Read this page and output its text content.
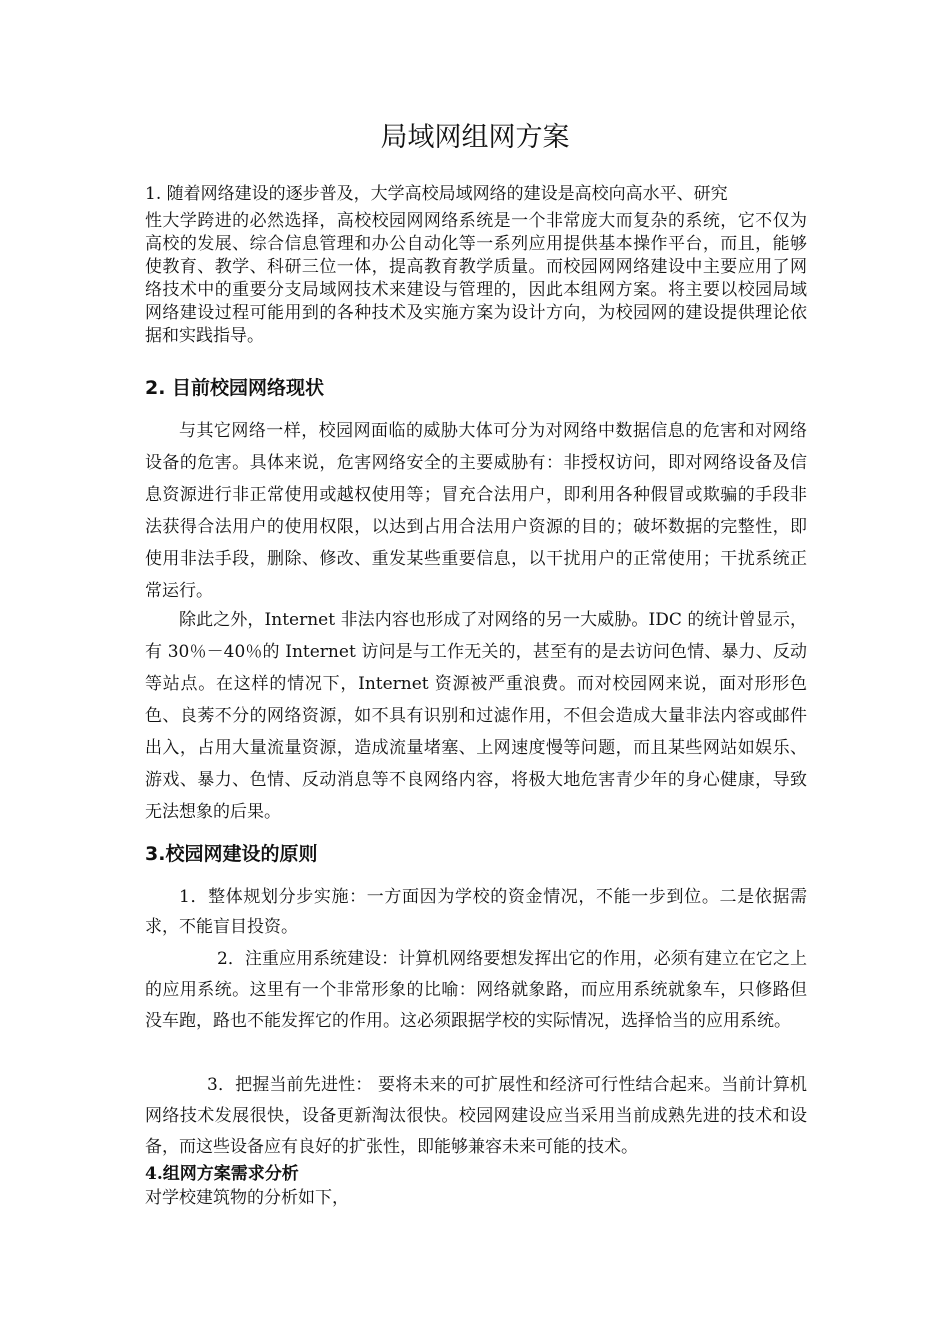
局域网组网方案

1. 随着网络建设的逐步普及，大学高校局域网络的建设是高校向高水平、研究
性大学跨进的必然选择，高校校园网网络系统是一个非常庞大而复杂的系统，它不仅为高校的发展、综合信息管理和办公自动化等一系列应用提供基本操作平台，而且，能够使教育、教学、科研三位一体，提高教育教学质量。而校园网网络建设中主要应用了网络技术中的重要分支局域网技术来建设与管理的，因此本组网方案。将主要以校园局域网络建设过程可能用到的各种技术及实施方案为设计方向，为校园网的建设提供理论依据和实践指导。

2. 目前校园网络现状

与其它网络一样，校园网面临的威胁大体可分为对网络中数据信息的危害和对网络设备的危害。具体来说，危害网络安全的主要威胁有：非授权访问，即对网络设备及信息资源进行非正常使用或越权使用等；冒充合法用户，即利用各种假冒或欺骗的手段非法获得合法用户的使用权限，以达到占用合法用户资源的目的；破坏数据的完整性，即使用非法手段，删除、修改、重发某些重要信息，以干扰用户的正常使用；干扰系统正常运行。

除此之外，Internet 非法内容也形成了对网络的另一大威胁。IDC 的统计曾显示，有 30％－40％的 Internet 访问是与工作无关的，甚至有的是去访问色情、暴力、反动等站点。在这样的情况下，Internet 资源被严重浪费。而对校园网来说，面对形形色色、良莠不分的网络资源，如不具有识别和过滤作用，不但会造成大量非法内容或邮件出入，占用大量流量资源，造成流量堵塞、上网速度慢等问题，而且某些网站如娱乐、游戏、暴力、色情、反动消息等不良网络内容，将极大地危害青少年的身心健康，导致无法想象的后果。

3.校园网建设的原则

1．整体规划分步实施：一方面因为学校的资金情况，不能一步到位。二是依据需求，不能盲目投资。

2．注重应用系统建设：计算机网络要想发挥出它的作用，必须有建立在它之上的应用系统。这里有一个非常形象的比喻：网络就象路，而应用系统就象车，只修路但没车跑，路也不能发挥它的作用。这必须跟据学校的实际情况，选择恰当的应用系统。

3．把握当前先进性： 要将未来的可扩展性和经济可行性结合起来。当前计算机网络技术发展很快，设备更新淘汰很快。校园网建设应当采用当前成熟先进的技术和设备，而这些设备应有良好的扩张性，即能够兼容未来可能的技术。

4.组网方案需求分析

对学校建筑物的分析如下，
